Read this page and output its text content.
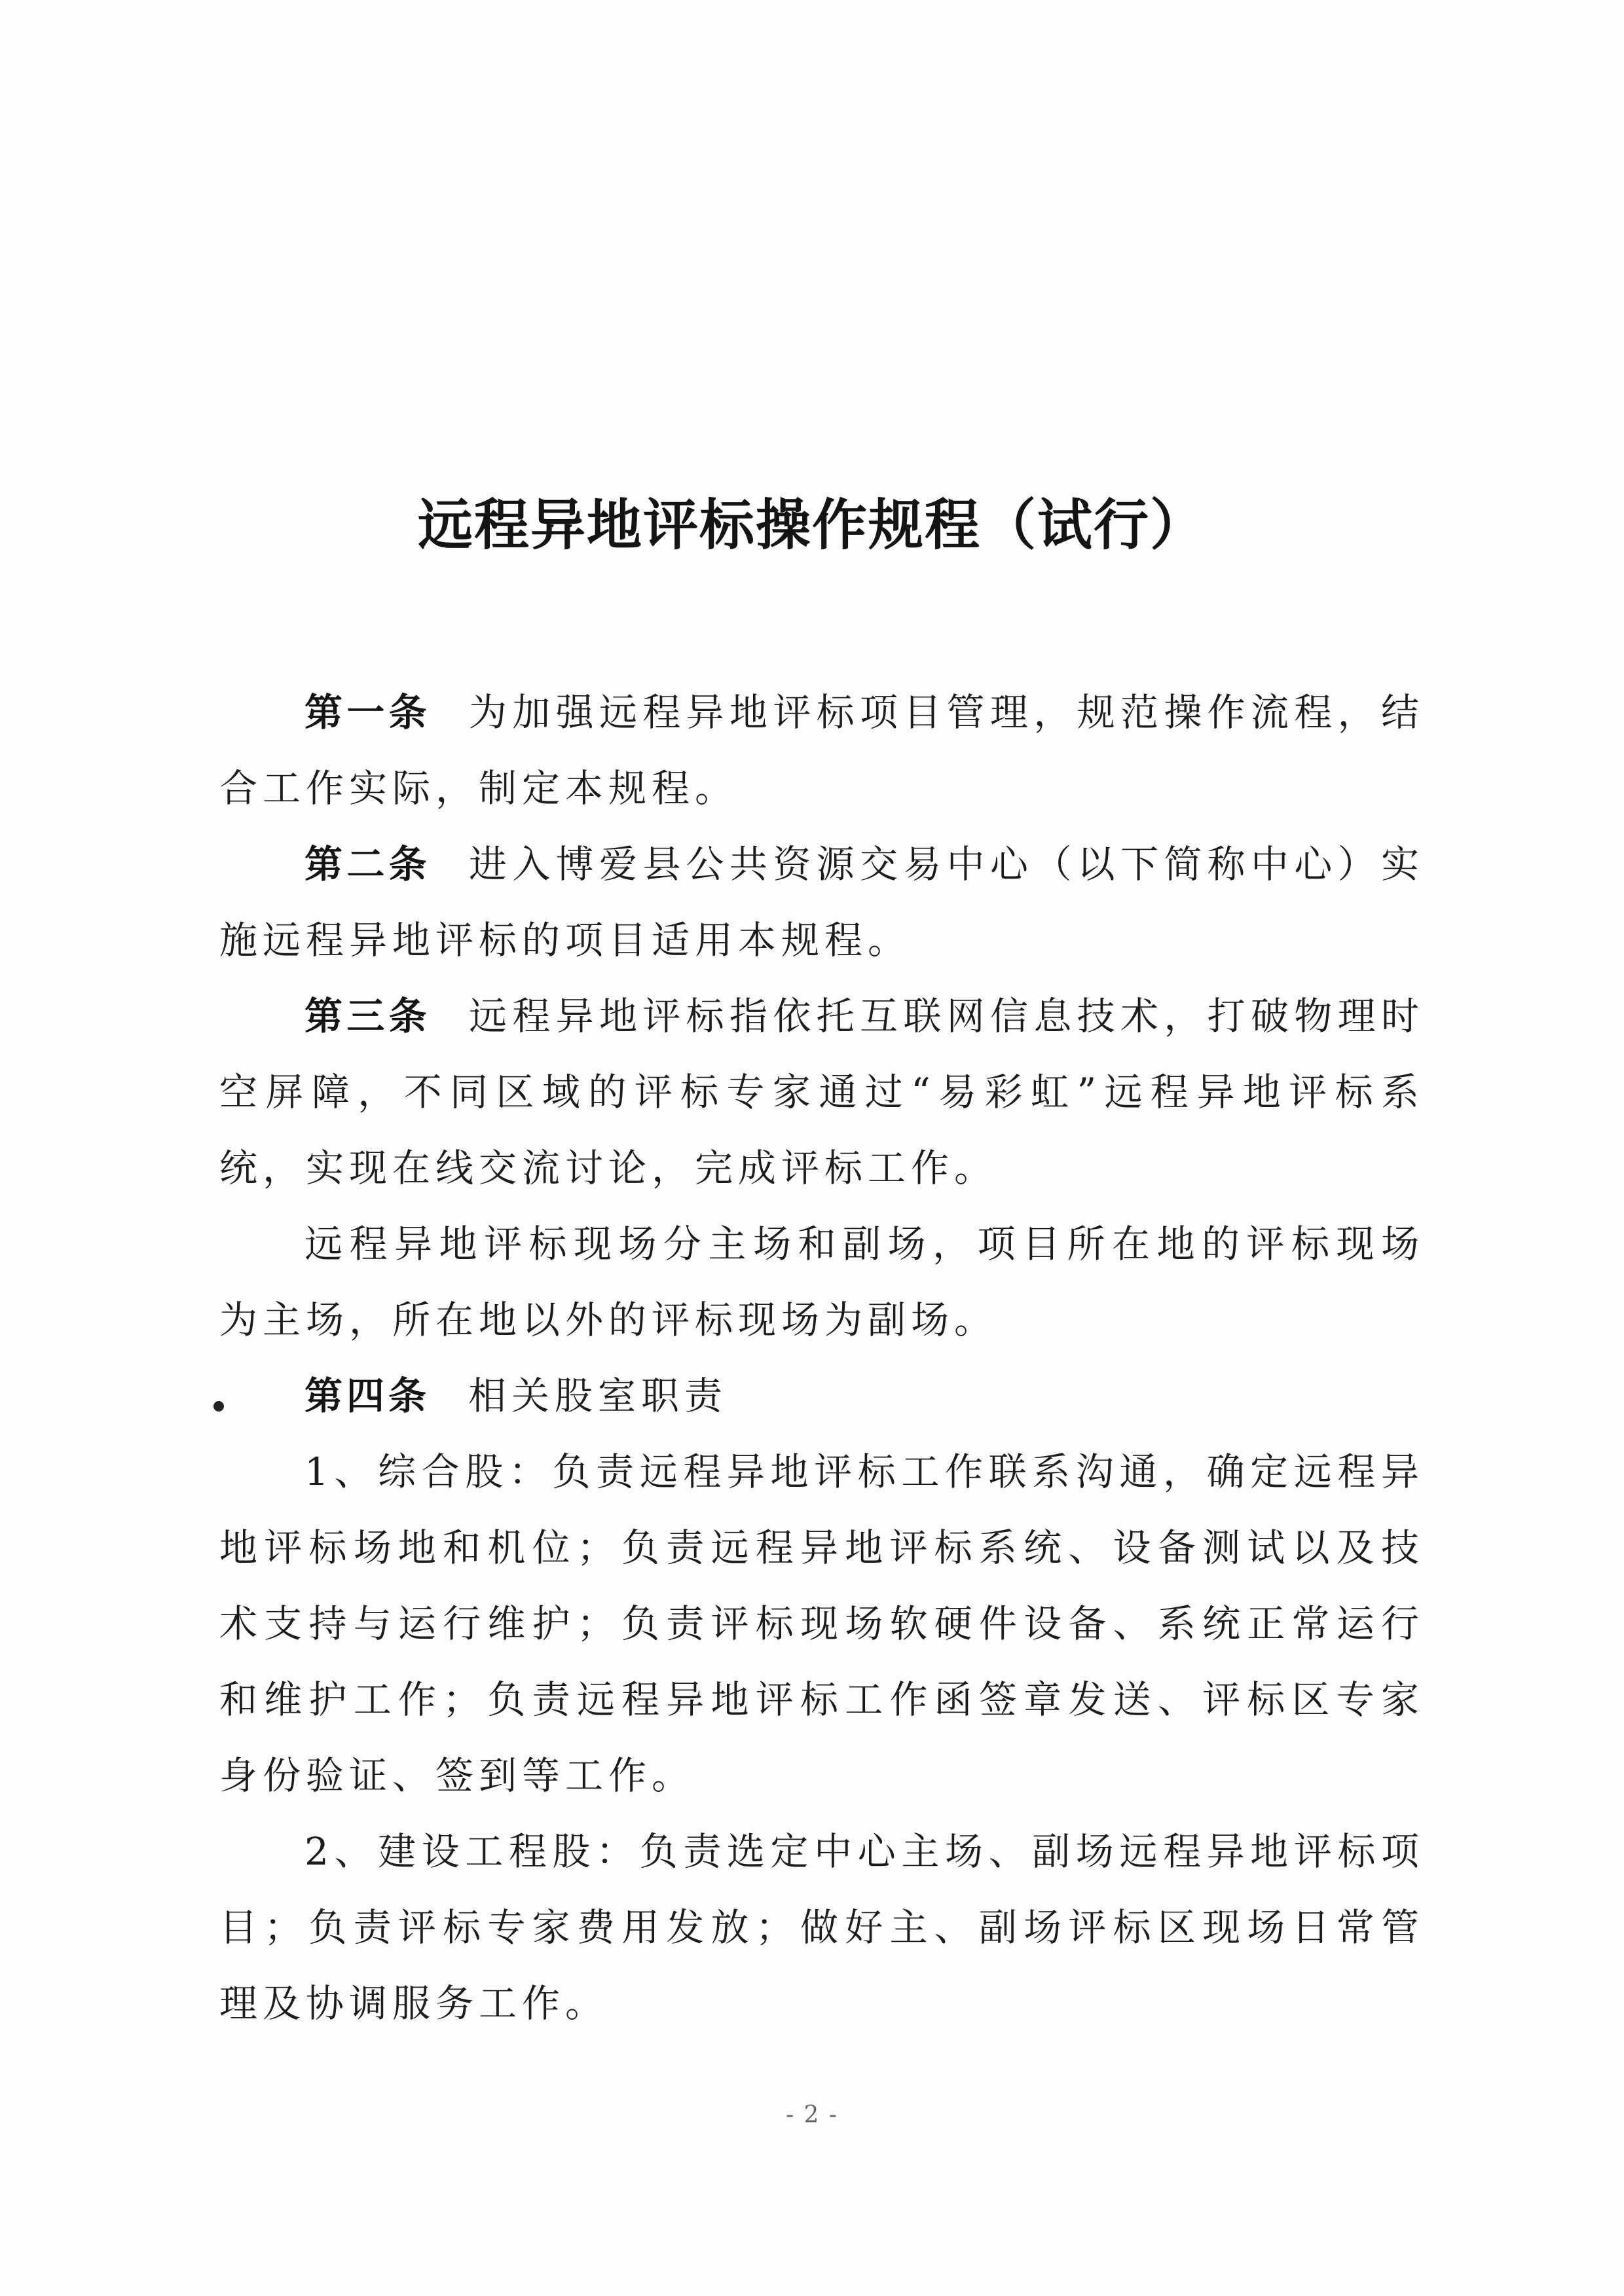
远程异地评标操作规程（试行）

第一条 为加强远程异地评标项目管理，规范操作流程，结合工作实际，制定本规程。

第二条 进入博爱县公共资源交易中心（以下简称中心）实施远程异地评标的项目适用本规程。

第三条 远程异地评标指依托互联网信息技术，打破物理时空屏障，不同区域的评标专家通过“易彩虹”远程异地评标系统，实现在线交流讨论，完成评标工作。

远程异地评标现场分主场和副场，项目所在地的评标现场为主场，所在地以外的评标现场为副场。

第四条 相关股室职责

1、综合股：负责远程异地评标工作联系沟通，确定远程异地评标场地和机位；负责远程异地评标系统、设备测试以及技术支持与运行维护；负责评标现场软硬件设备、系统正常运行和维护工作；负责远程异地评标工作函签章发送、评标区专家身份验证、签到等工作。

2、建设工程股：负责选定中心主场、副场远程异地评标项目；负责评标专家费用发放；做好主、副场评标区现场日常管理及协调服务工作。

- 2 -
